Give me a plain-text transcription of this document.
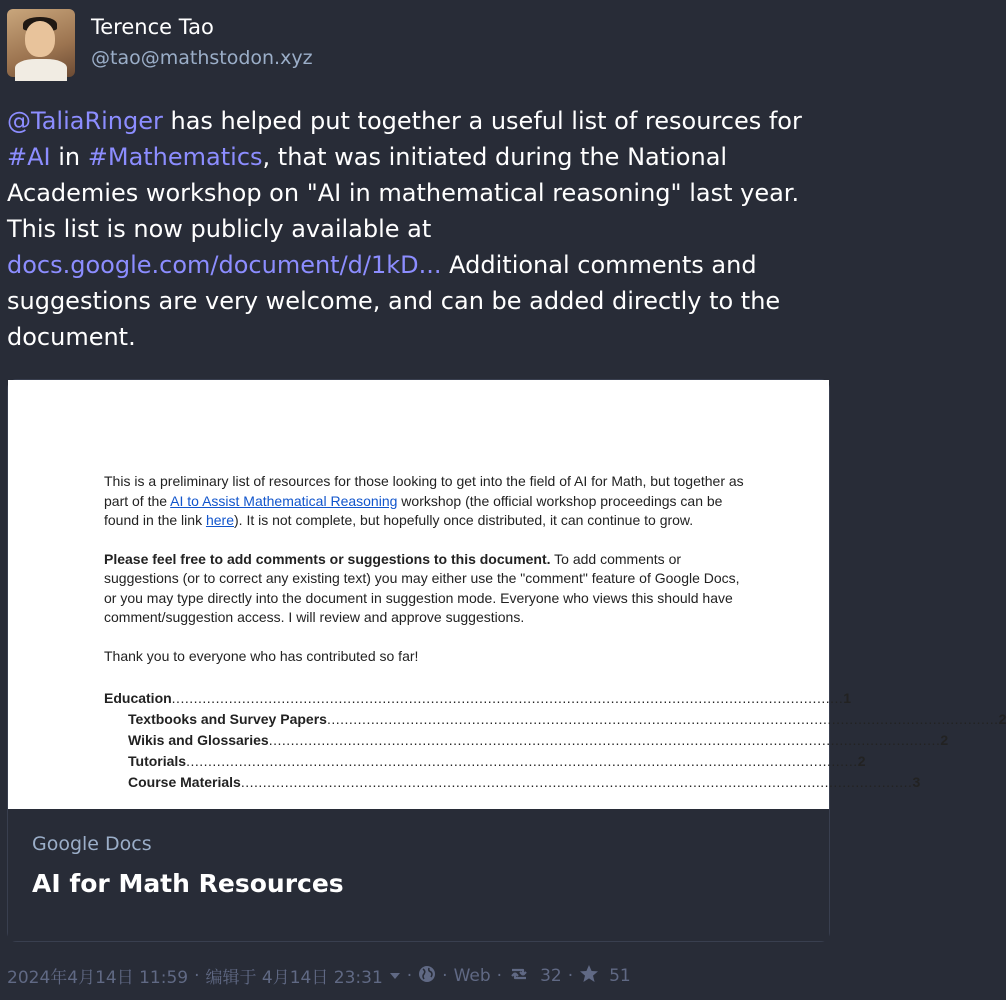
Terence Tao
@tao@mathstodon.xyz
@TaliaRinger has helped put together a useful list of resources for #AI in #Mathematics, that was initiated during the National Academies workshop on "AI in mathematical reasoning" last year. This list is now publicly available at docs.google.com/document/d/1kD... Additional comments and suggestions are very welcome, and can be added directly to the document.

This is a preliminary list of resources for those looking to get into the field of AI for Math, but together as part of the AI to Assist Mathematical Reasoning workshop (the official workshop proceedings can be found in the link here). It is not complete, but hopefully once distributed, it can continue to grow.

Please feel free to add comments or suggestions to this document. To add comments or suggestions (or to correct any existing text) you may either use the "comment" feature of Google Docs, or you may type directly into the document in suggestion mode. Everyone who views this should have comment/suggestion access. I will review and approve suggestions.

Thank you to everyone who has contributed so far!

Education ......................................................................................................................................................... 1
Textbooks and Survey Papers ......................................................................................................................................................... 2
Wikis and Glossaries ......................................................................................................................................................... 2
Tutorials ......................................................................................................................................................... 2
Course Materials ......................................................................................................................................................... 3
Google Docs
AI for Math Resources
2024年4月14日 11:59 · 编辑于 4月14日 23:31 · · Web · 32 · 51
